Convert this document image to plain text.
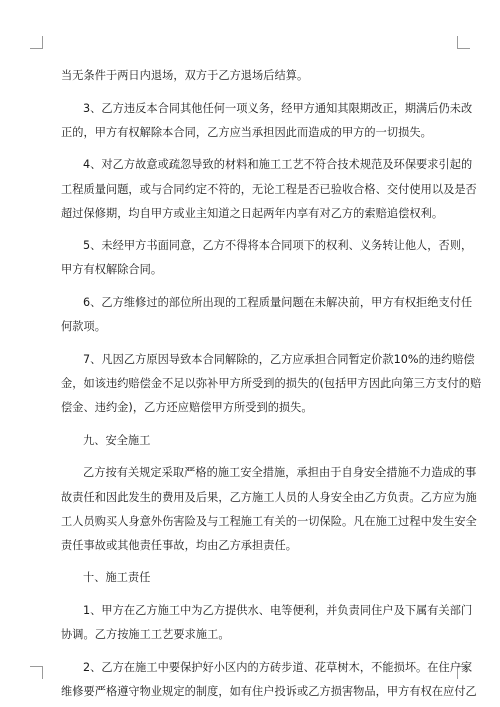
当无条件于两日内退场，双方于乙方退场后结算。
3、乙方违反本合同其他任何一项义务，经甲方通知其限期改正，期满后仍未改
正的，甲方有权解除本合同，乙方应当承担因此而造成的甲方的一切损失。
4、对乙方故意或疏忽导致的材料和施工工艺不符合技术规范及环保要求引起的
工程质量问题，或与合同约定不符的，无论工程是否已验收合格、交付使用以及是否
超过保修期，均自甲方或业主知道之日起两年内享有对乙方的索赔追偿权利。
5、未经甲方书面同意，乙方不得将本合同项下的权利、义务转让他人，否则，
甲方有权解除合同。
6、乙方维修过的部位所出现的工程质量问题在未解决前，甲方有权拒绝支付任
何款项。
7、凡因乙方原因导致本合同解除的，乙方应承担合同暂定价款10%的违约赔偿
金，如该违约赔偿金不足以弥补甲方所受到的损失的(包括甲方因此向第三方支付的赔
偿金、违约金)，乙方还应赔偿甲方所受到的损失。
九、安全施工
乙方按有关规定采取严格的施工安全措施，承担由于自身安全措施不力造成的事
故责任和因此发生的费用及后果，乙方施工人员的人身安全由乙方负责。乙方应为施
工人员购买人身意外伤害险及与工程施工有关的一切保险。凡在施工过程中发生安全
责任事故或其他责任事故，均由乙方承担责任。
十、施工责任
1、甲方在乙方施工中为乙方提供水、电等便利，并负责同住户及下属有关部门
协调。乙方按施工工艺要求施工。
2、乙方在施工中要保护好小区内的方砖步道、花草树木，不能损坏。在住户家
维修要严格遵守物业规定的制度，如有住户投诉或乙方损害物品，甲方有权在应付乙
